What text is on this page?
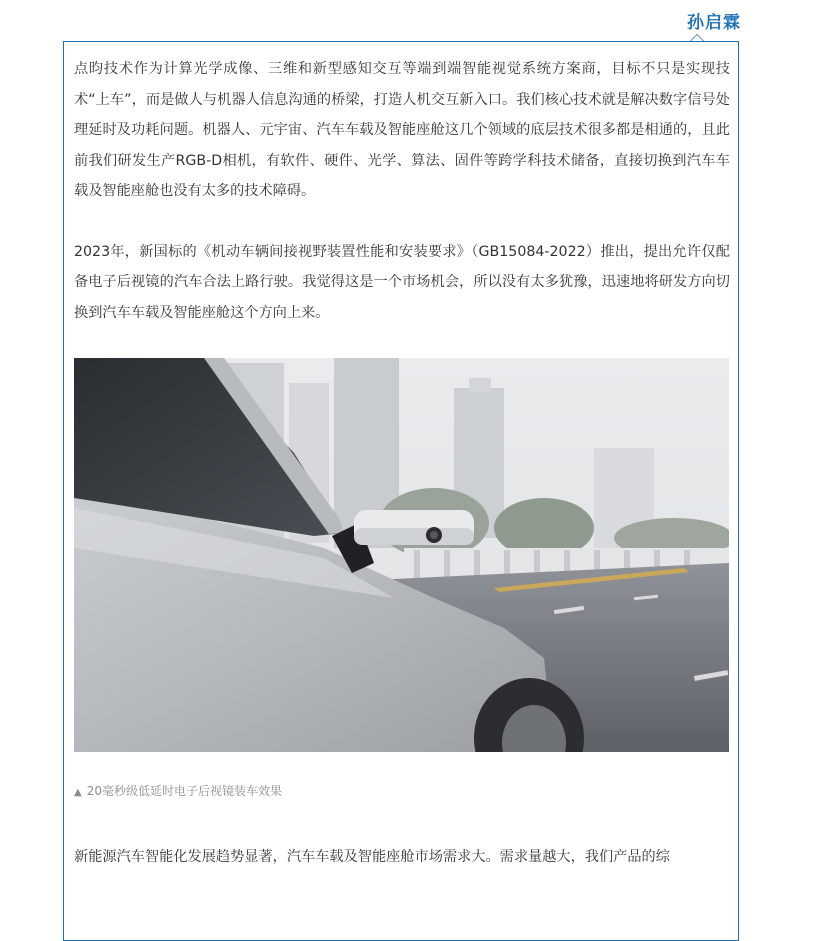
孙启霖

点昀技术作为计算光学成像、三维和新型感知交互等端到端智能视觉系统方案商，目标不只是实现技术“上车”，而是做人与机器人信息沟通的桥梁，打造人机交互新入口。我们核心技术就是解决数字信号处理延时及功耗问题。机器人、元宇宙、汽车车载及智能座舱这几个领域的底层技术很多都是相通的，且此前我们研发生产RGB-D相机，有软件、硬件、光学、算法、固件等跨学科技术储备，直接切换到汽车车载及智能座舱也没有太多的技术障碍。

2023年，新国标的《机动车辆间接视野装置性能和安装要求》（GB15084-2022）推出，提出允许仅配备电子后视镜的汽车合法上路行驶。我觉得这是一个市场机会，所以没有太多犹豫，迅速地将研发方向切换到汽车车载及智能座舱这个方向上来。

▲ 20毫秒级低延时电子后视镜装车效果

新能源汽车智能化发展趋势显著，汽车车载及智能座舱市场需求大。需求量越大，我们产品的综
